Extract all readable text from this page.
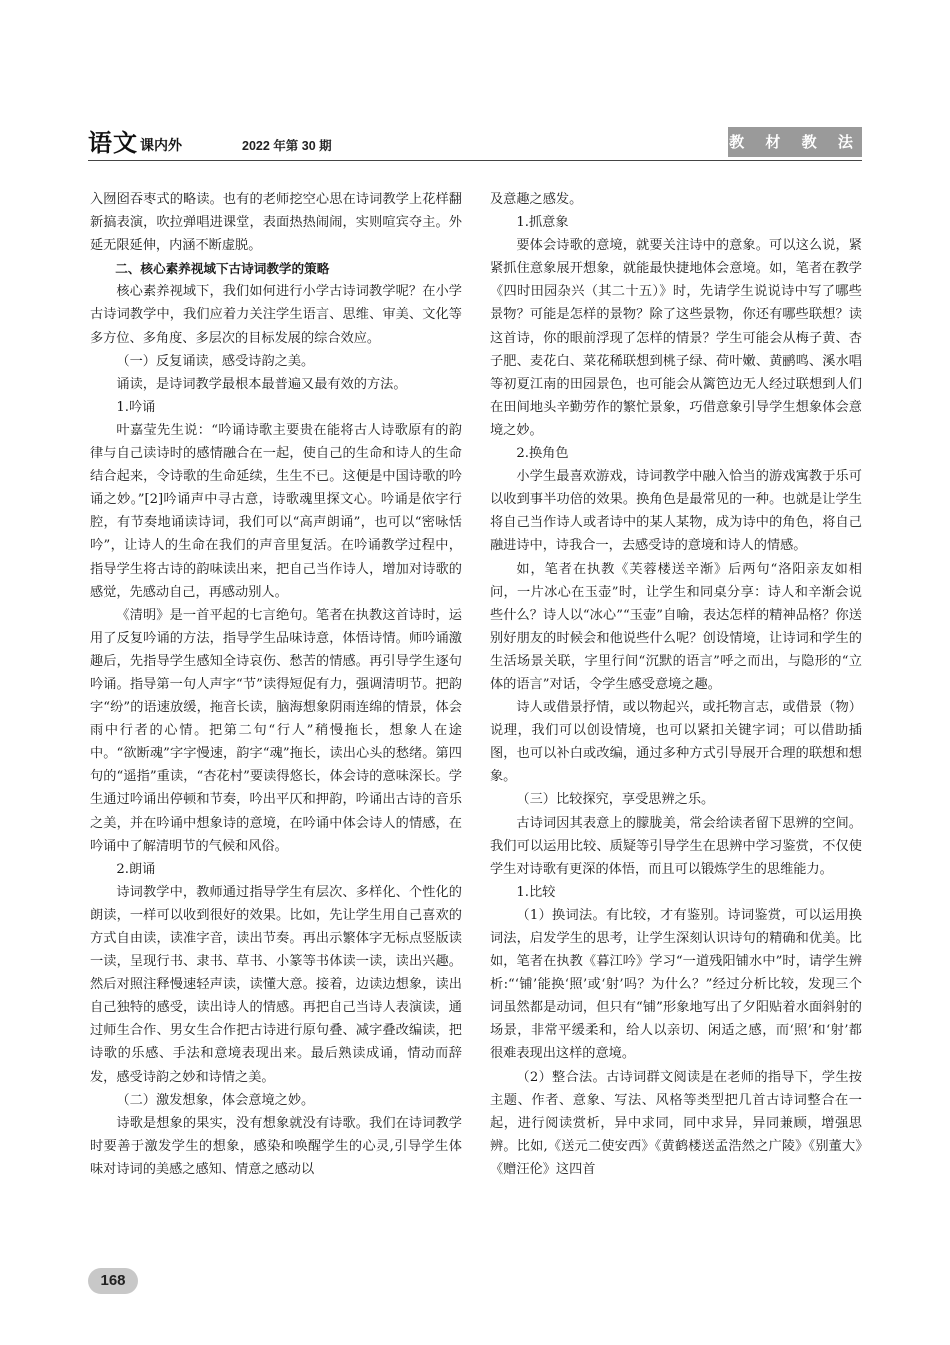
语文 课内外	2022 年第 30 期	教 材 教 法

入囫囵吞枣式的略读。也有的老师挖空心思在诗词教学上花样翻新搞表演，吹拉弹唱进课堂，表面热热闹闹，实则喧宾夺主。外延无限延伸，内涵不断虚脱。

二、核心素养视域下古诗词教学的策略

核心素养视域下，我们如何进行小学古诗词教学呢？在小学古诗词教学中，我们应着力关注学生语言、思维、审美、文化等多方位、多角度、多层次的目标发展的综合效应。

（一）反复诵读，感受诗韵之美。

诵读，是诗词教学最根本最普遍又最有效的方法。

1.吟诵

叶嘉莹先生说：“吟诵诗歌主要贵在能将古人诗歌原有的韵律与自己读诗时的感情融合在一起，使自己的生命和诗人的生命结合起来，令诗歌的生命延续，生生不已。这便是中国诗歌的吟诵之妙。”[2]吟诵声中寻古意，诗歌魂里探文心。吟诵是依字行腔，有节奏地诵读诗词，我们可以“高声朗诵”，也可以“密咏恬吟”，让诗人的生命在我们的声音里复活。在吟诵教学过程中，指导学生将古诗的韵味读出来，把自己当作诗人，增加对诗歌的感觉，先感动自己，再感动别人。

《清明》是一首平起的七言绝句。笔者在执教这首诗时，运用了反复吟诵的方法，指导学生品味诗意，体悟诗情。师吟诵激趣后，先指导学生感知全诗哀伤、愁苦的情感。再引导学生逐句吟诵。指导第一句人声字“节”读得短促有力，强调清明节。把韵字“纷”的语速放缓，拖音长读，脑海想象阴雨连绵的情景，体会雨中行者的心情。把第二句“行人”稍慢拖长，想象人在途中。“欲断魂”字字慢速，韵字“魂”拖长，读出心头的愁绪。第四句的“遥指”重读，“杏花村”要读得悠长，体会诗的意味深长。学生通过吟诵出停顿和节奏，吟出平仄和押韵，吟诵出古诗的音乐之美，并在吟诵中想象诗的意境，在吟诵中体会诗人的情感，在吟诵中了解清明节的气候和风俗。

2.朗诵

诗词教学中，教师通过指导学生有层次、多样化、个性化的朗读，一样可以收到很好的效果。比如，先让学生用自己喜欢的方式自由读，读准字音，读出节奏。再出示繁体字无标点竖版读一读，呈现行书、隶书、草书、小篆等书体读一读，读出兴趣。然后对照注释慢速轻声读，读懂大意。接着，边读边想象，读出自己独特的感受，读出诗人的情感。再把自己当诗人表演读，通过师生合作、男女生合作把古诗进行原句叠、减字叠改编读，把诗歌的乐感、手法和意境表现出来。最后熟读成诵，情动而辞发，感受诗韵之妙和诗情之美。

（二）激发想象，体会意境之妙。

诗歌是想象的果实，没有想象就没有诗歌。我们在诗词教学时要善于激发学生的想象，感染和唤醒学生的心灵,引导学生体味对诗词的美感之感知、情意之感动以

及意趣之感发。

1.抓意象

要体会诗歌的意境，就要关注诗中的意象。可以这么说，紧紧抓住意象展开想象，就能最快捷地体会意境。如，笔者在教学《四时田园杂兴（其二十五）》时，先请学生说说诗中写了哪些景物？可能是怎样的景物？除了这些景物，你还有哪些联想？读这首诗，你的眼前浮现了怎样的情景？学生可能会从梅子黄、杏子肥、麦花白、菜花稀联想到桃子绿、荷叶嫩、黄鹂鸣、溪水唱等初夏江南的田园景色，也可能会从篱笆边无人经过联想到人们在田间地头辛勤劳作的繁忙景象，巧借意象引导学生想象体会意境之妙。

2.换角色

小学生最喜欢游戏，诗词教学中融入恰当的游戏寓教于乐可以收到事半功倍的效果。换角色是最常见的一种。也就是让学生将自己当作诗人或者诗中的某人某物，成为诗中的角色，将自己融进诗中，诗我合一，去感受诗的意境和诗人的情感。

如，笔者在执教《芙蓉楼送辛渐》后两句“洛阳亲友如相问，一片冰心在玉壶”时，让学生和同桌分享：诗人和辛渐会说些什么？诗人以“冰心”“玉壶”自喻，表达怎样的精神品格？你送别好朋友的时候会和他说些什么呢？创设情境，让诗词和学生的生活场景关联，字里行间“沉默的语言”呼之而出，与隐形的“立体的语言”对话，令学生感受意境之趣。

诗人或借景抒情，或以物起兴，或托物言志，或借景（物）说理，我们可以创设情境，也可以紧扣关键字词；可以借助插图，也可以补白或改编，通过多种方式引导展开合理的联想和想象。

（三）比较探究，享受思辨之乐。

古诗词因其表意上的朦胧美，常会给读者留下思辨的空间。我们可以运用比较、质疑等引导学生在思辨中学习鉴赏，不仅使学生对诗歌有更深的体悟，而且可以锻炼学生的思维能力。

1.比较

（1）换词法。有比较，才有鉴别。诗词鉴赏，可以运用换词法，启发学生的思考，让学生深刻认识诗句的精确和优美。比如，笔者在执教《暮江吟》学习“一道残阳铺水中”时，请学生辨析:“‘铺’能换‘照’或‘射’吗？为什么？”经过分析比较，发现三个词虽然都是动词，但只有“铺”形象地写出了夕阳贴着水面斜射的场景，非常平缓柔和，给人以亲切、闲适之感，而‘照’和‘射’都很难表现出这样的意境。

（2）整合法。古诗词群文阅读是在老师的指导下，学生按主题、作者、意象、写法、风格等类型把几首古诗词整合在一起，进行阅读赏析，异中求同，同中求异，异同兼顾，增强思辨。比如,《送元二使安西》《黄鹤楼送孟浩然之广陵》《别董大》《赠汪伦》这四首

168
